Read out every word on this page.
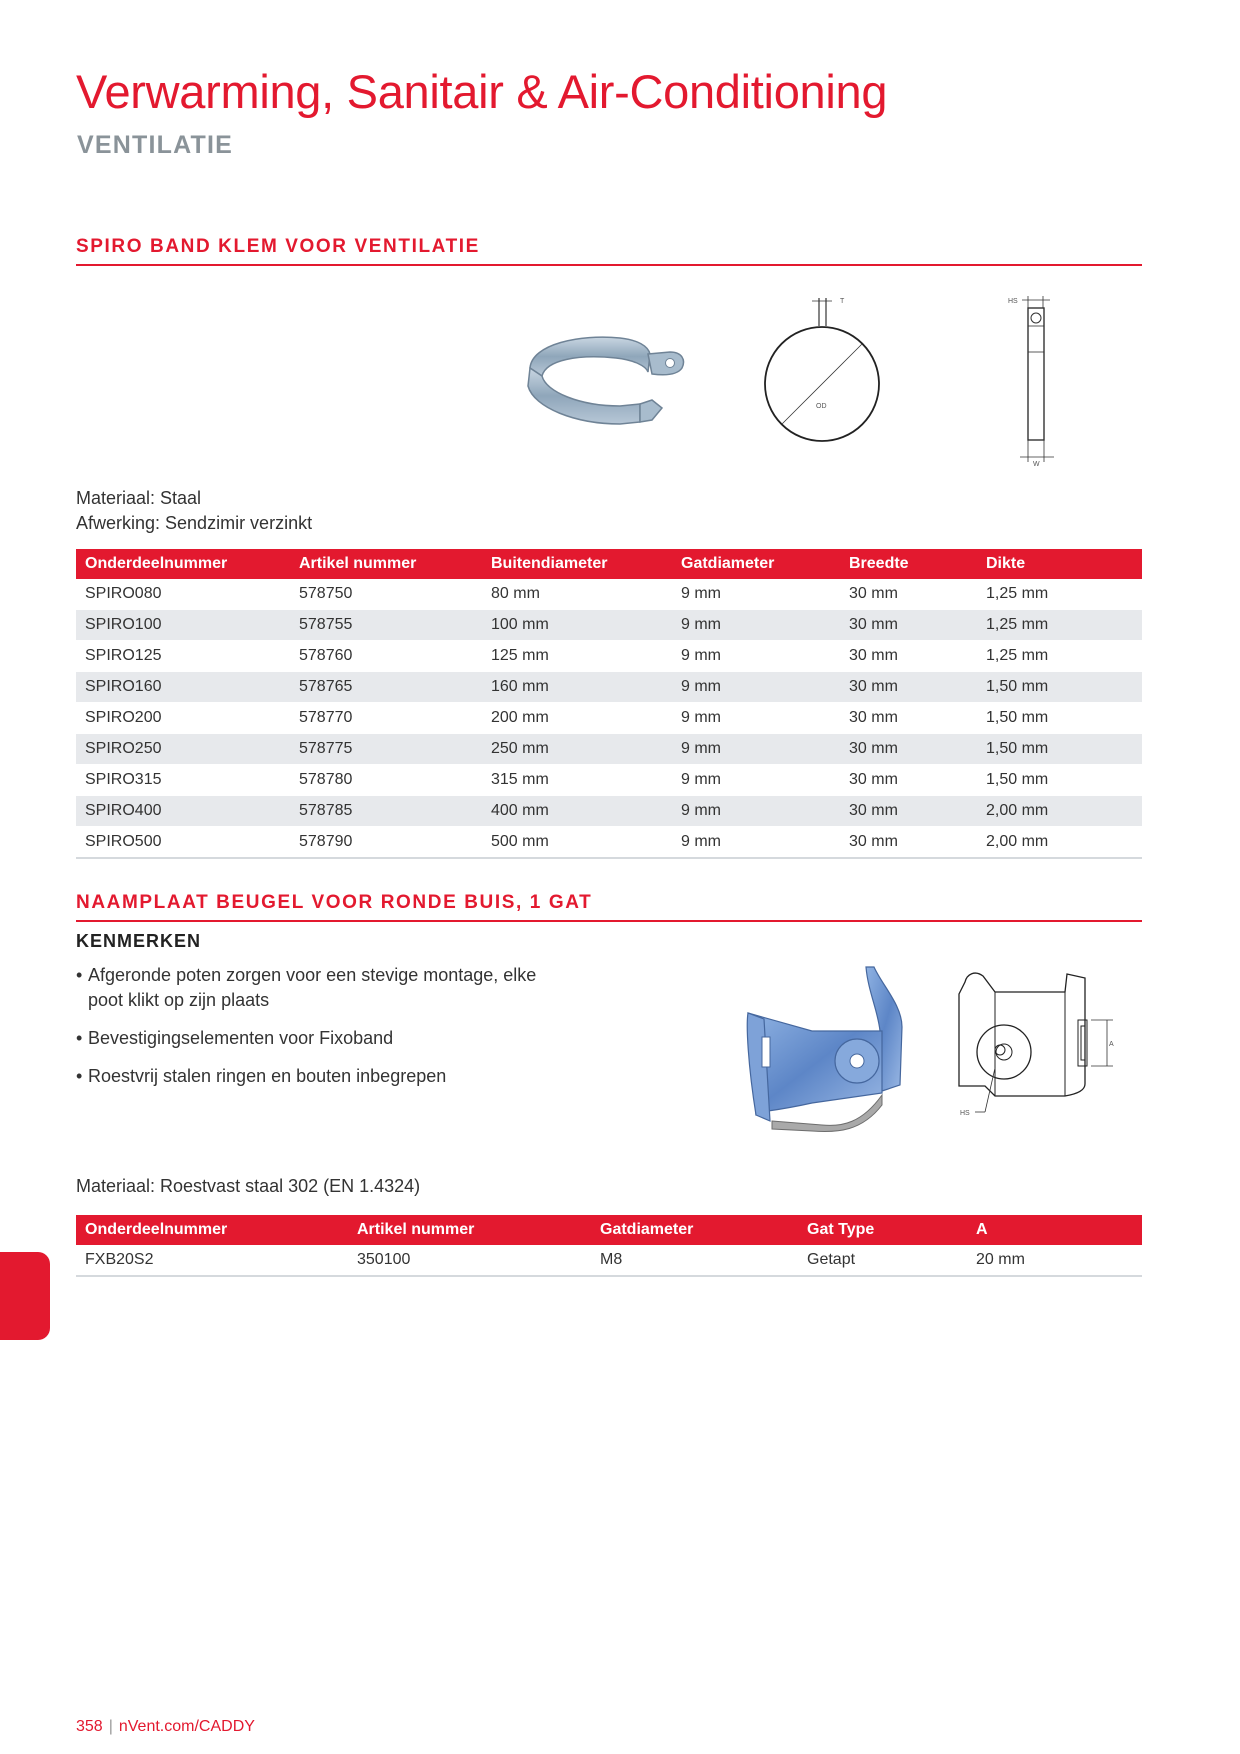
Verwarming, Sanitair & Air-Conditioning
VENTILATIE
SPIRO BAND KLEM VOOR VENTILATIE
OD
T	HS
W
Materiaal: Staal
Afwerking: Sendzimir verzinkt
Onderdeelnummer	Artikel nummer	Buitendiameter	Gatdiameter	Breedte	Dikte
SPIRO080	578750	80 mm	9 mm	30 mm	1,25 mm
SPIRO100	578755	100 mm	9 mm	30 mm	1,25 mm
SPIRO125	578760	125 mm	9 mm	30 mm	1,25 mm
SPIRO160	578765	160 mm	9 mm	30 mm	1,50 mm
SPIRO200	578770	200 mm	9 mm	30 mm	1,50 mm
SPIRO250	578775	250 mm	9 mm	30 mm	1,50 mm
SPIRO315	578780	315 mm	9 mm	30 mm	1,50 mm
SPIRO400	578785	400 mm	9 mm	30 mm	2,00 mm
SPIRO500	578790	500 mm	9 mm	30 mm	2,00 mm
NAAMPLAAT BEUGEL VOOR RONDE BUIS, 1 GAT
KENMERKEN
• Afgeronde poten zorgen voor een stevige montage, elke poot klikt op zijn plaats
• Bevestigingselementen voor Fixoband
• Roestvrij stalen ringen en bouten inbegrepen
A
HS
Materiaal: Roestvast staal 302 (EN 1.4324)
Onderdeelnummer	Artikel nummer	Gatdiameter	Gat Type	A
FXB20S2	350100	M8	Getapt	20 mm
358 | nVent.com/CADDY
